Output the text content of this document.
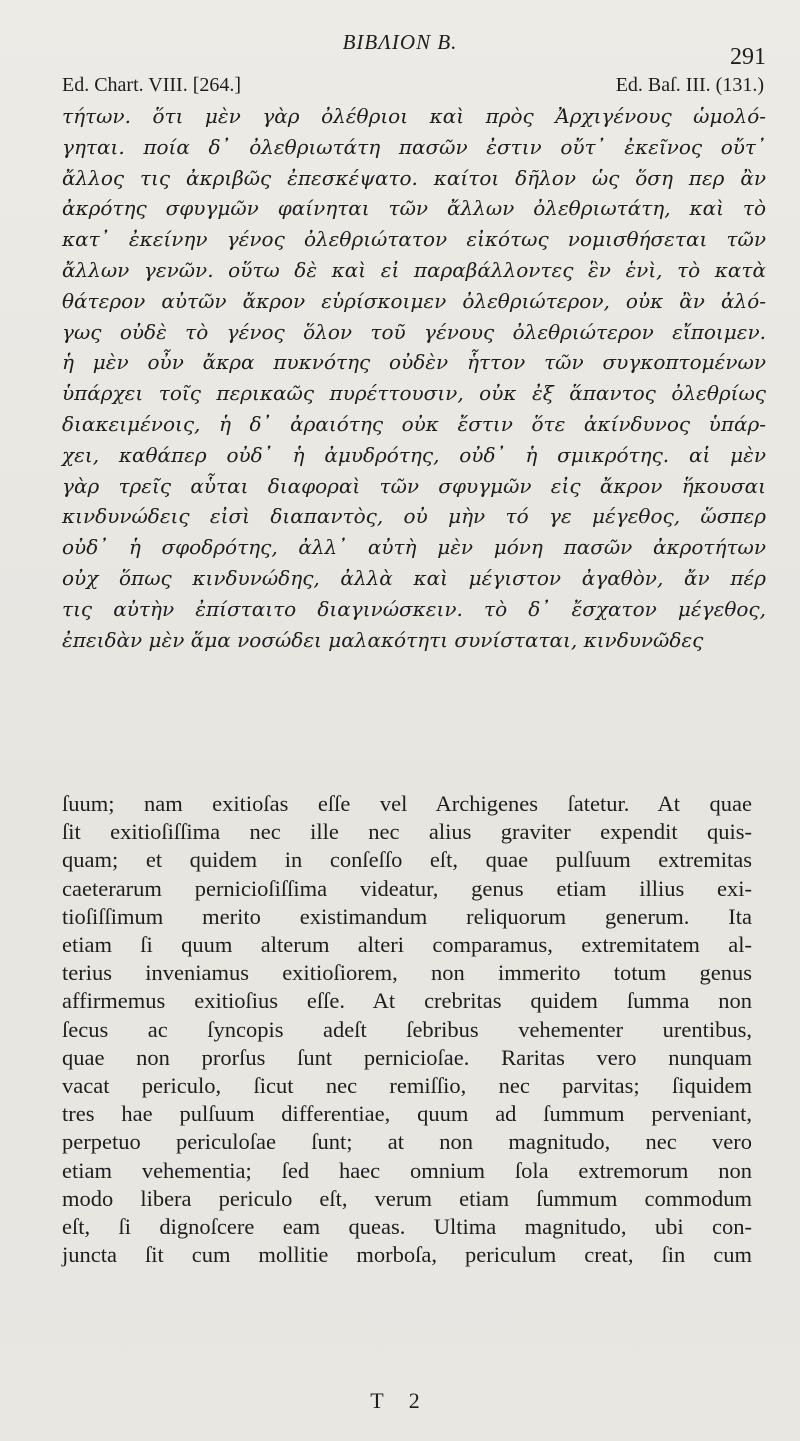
ΒΙΒΛΙΟΝ Β.
291
Ed. Chart. VIII. [264.]	Ed. Baſ. III. (131.)
τήτων. ὅτι μὲν γὰρ ὀλέθριοι καὶ πρὸς Ἀρχιγένους ὡμολό-
γηται. ποία δ᾽ ὀλεθριωτάτη πασῶν ἐστιν οὔτ᾽ ἐκεῖνος οὔτ᾽
ἄλλος τις ἀκριβῶς ἐπεσκέψατο. καίτοι δῆλον ὡς ὅση περ ἂν
ἀκρότης σφυγμῶν φαίνηται τῶν ἄλλων ὀλεθριωτάτη, καὶ τὸ
κατ᾽ ἐκείνην γένος ὀλεθριώτατον εἰκότως νομισθήσεται τῶν
ἄλλων γενῶν. οὕτω δὲ καὶ εἰ παραβάλλοντες ἓν ἑνὶ, τὸ κατὰ
θάτερον αὐτῶν ἄκρον εὑρίσκοιμεν ὀλεθριώτερον, οὐκ ἂν ἀλό-
γως οὐδὲ τὸ γένος ὅλον τοῦ γένους ὀλεθριώτερον εἴποιμεν.
ἡ μὲν οὖν ἄκρα πυκνότης οὐδὲν ἧττον τῶν συγκοπτομένων
ὑπάρχει τοῖς περικαῶς πυρέττουσιν, οὐκ ἐξ ἅπαντος ὀλεθρίως
διακειμένοις, ἡ δ᾽ ἀραιότης οὐκ ἔστιν ὅτε ἀκίνδυνος ὑπάρ-
χει, καθάπερ οὐδ᾽ ἡ ἀμυδρότης, οὐδ᾽ ἡ σμικρότης. αἱ μὲν
γὰρ τρεῖς αὗται διαφοραὶ τῶν σφυγμῶν εἰς ἄκρον ἥκουσαι
κινδυνώδεις εἰσὶ διαπαντὸς, οὐ μὴν τό γε μέγεθος, ὥσπερ
οὐδ᾽ ἡ σφοδρότης, ἀλλ᾽ αὐτὴ μὲν μόνη πασῶν ἀκροτήτων
οὐχ ὅπως κινδυνώδης, ἀλλὰ καὶ μέγιστον ἀγαθὸν, ἄν πέρ
τις αὐτὴν ἐπίσταιτο διαγινώσκειν. τὸ δ᾽ ἔσχατον μέγεθος,
ἐπειδὰν μὲν ἅμα νοσώδει μαλακότητι συνίσταται, κινδυνῶδες
ſuum; nam exitioſas eſſe vel Archigenes ſatetur. At quae
ſit exitioſiſſima nec ille nec alius graviter expendit quis-
quam; et quidem in conſeſſo eſt, quae pulſuum extremitas
caeterarum pernicioſiſſima videatur, genus etiam illius exi-
tioſiſſimum merito existimandum reliquorum generum. Ita
etiam ſi quum alterum alteri comparamus, extremitatem al-
terius inveniamus exitioſiorem, non immerito totum genus
affirmemus exitioſius eſſe. At crebritas quidem ſumma non
ſecus ac ſyncopis adeſt ſebribus vehementer urentibus,
quae non prorſus ſunt pernicioſae. Raritas vero nunquam
vacat periculo, ſicut nec remiſſio, nec parvitas; ſiquidem
tres hae pulſuum differentiae, quum ad ſummum perveniant,
perpetuo periculoſae ſunt; at non magnitudo, nec vero
etiam vehementia; ſed haec omnium ſola extremorum non
modo libera periculo eſt, verum etiam ſummum commodum
eſt, ſi dignoſcere eam queas. Ultima magnitudo, ubi con-
juncta ſit cum mollitie morboſa, periculum creat, ſin cum
T 2
